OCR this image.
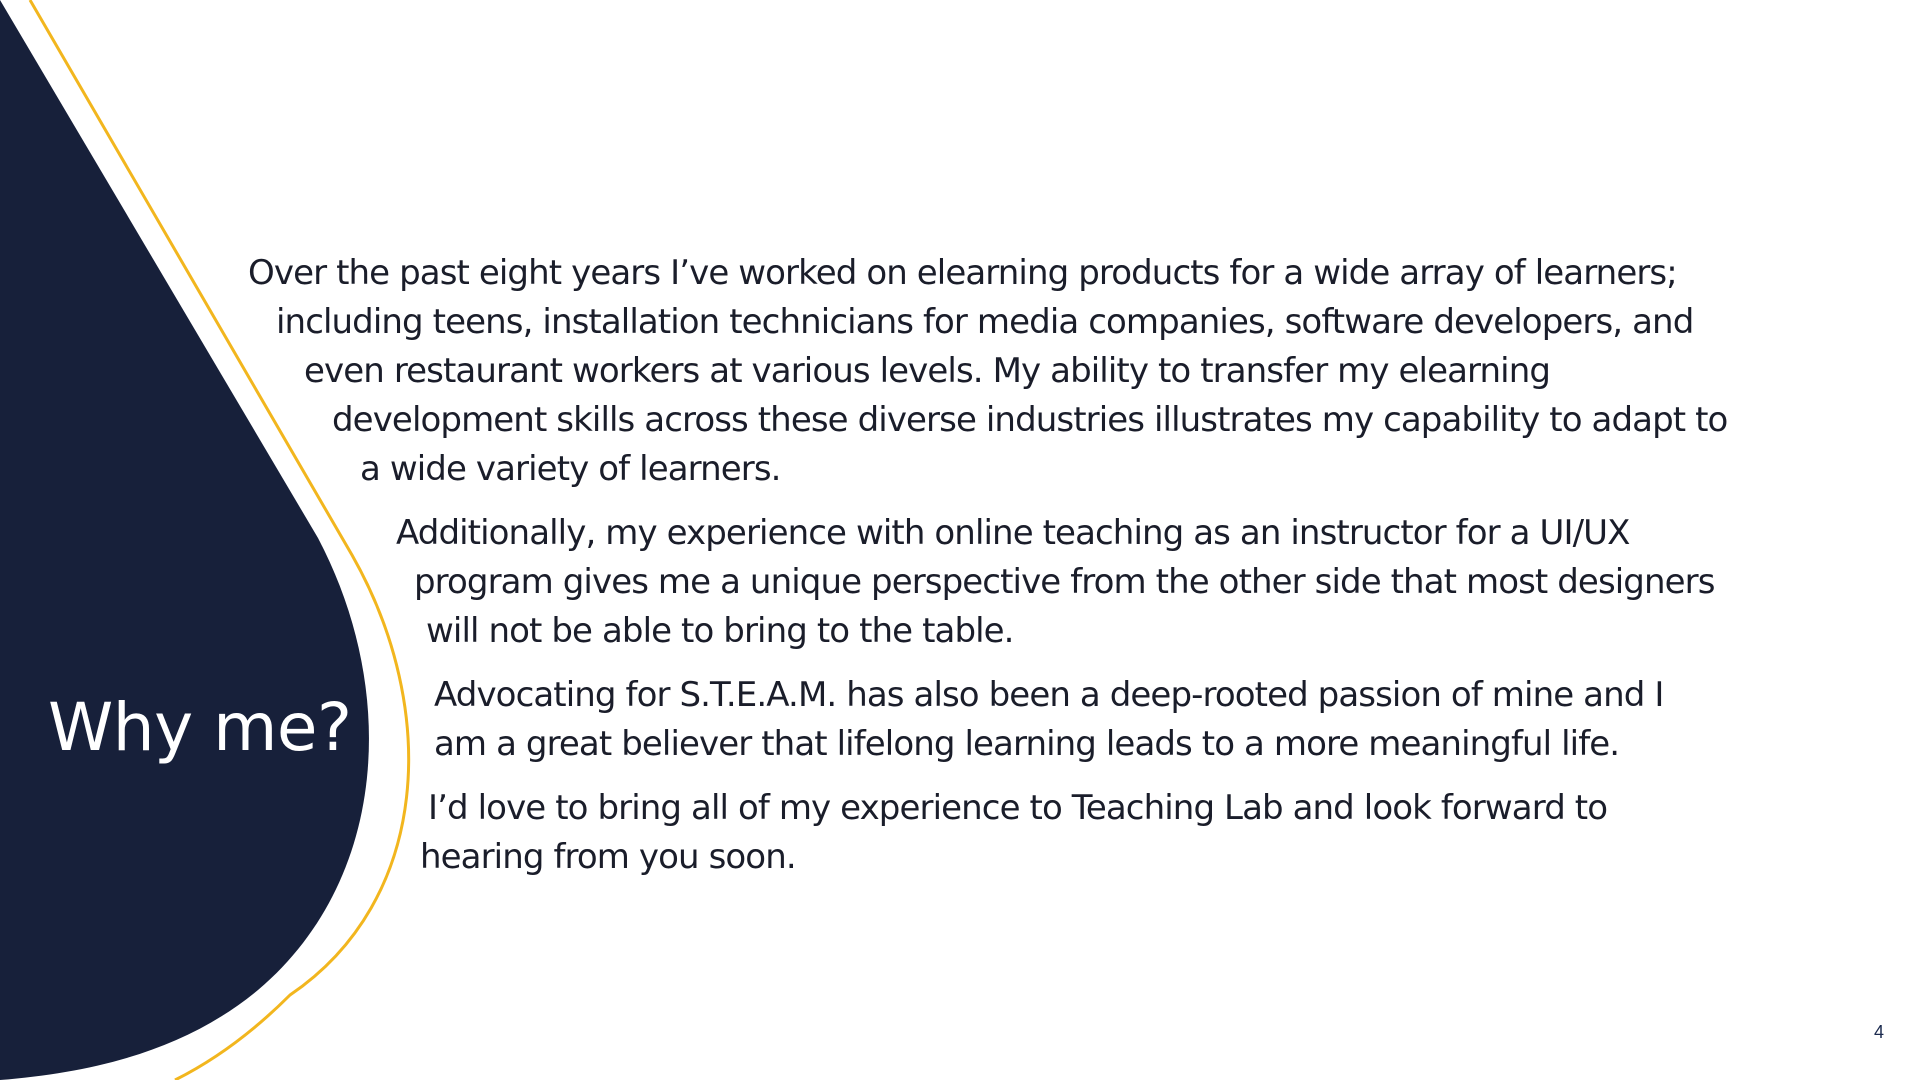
Why me?

Over the past eight years I’ve worked on elearning products for a wide array of learners;

including teens, installation technicians for media companies, software developers, and

even restaurant workers at various levels. My ability to transfer my elearning

development skills across these diverse industries illustrates my capability to adapt to

a wide variety of learners.

Additionally, my experience with online teaching as an instructor for a UI/UX

program gives me a unique perspective from the other side that most designers

will not be able to bring to the table.

Advocating for S.T.E.A.M. has also been a deep-rooted passion of mine and I

am a great believer that lifelong learning leads to a more meaningful life.

I’d love to bring all of my experience to Teaching Lab and look forward to

hearing from you soon.

4
